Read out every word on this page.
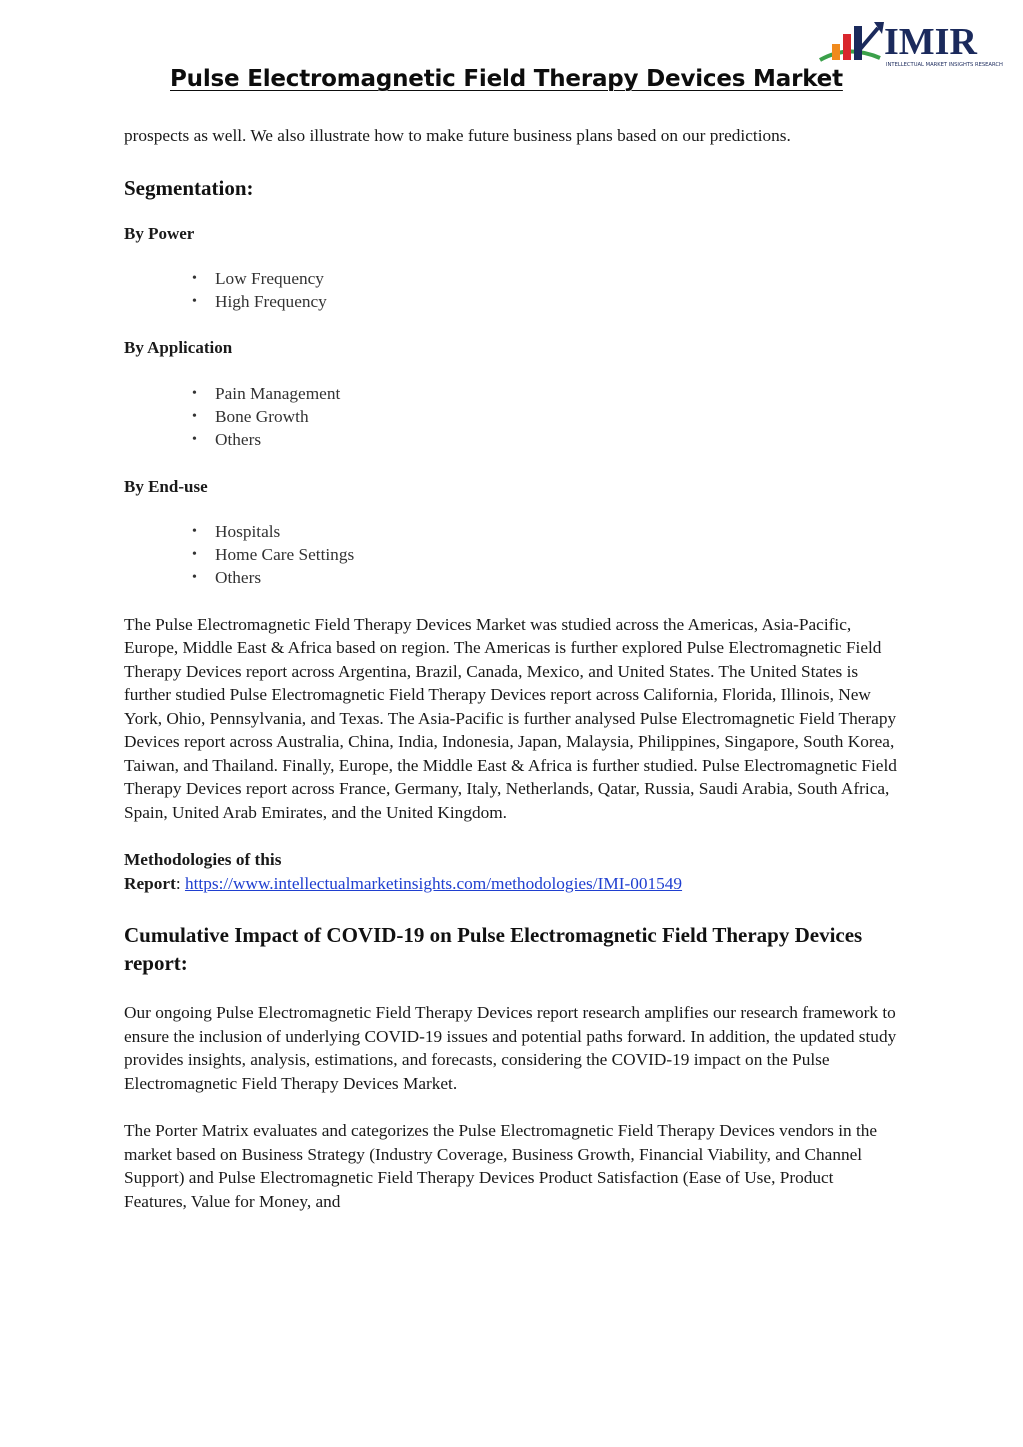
Pulse Electromagnetic Field Therapy Devices Market
IMIR
INTELLECTUAL MARKET INSIGHTS RESEARCH

prospects as well. We also illustrate how to make future business plans based on our predictions.

Segmentation:

By Power

• Low Frequency
• High Frequency

By Application

• Pain Management
• Bone Growth
• Others

By End-use

• Hospitals
• Home Care Settings
• Others

The Pulse Electromagnetic Field Therapy Devices Market was studied across the Americas, Asia-Pacific, Europe, Middle East & Africa based on region. The Americas is further explored Pulse Electromagnetic Field Therapy Devices report across Argentina, Brazil, Canada, Mexico, and United States. The United States is further studied Pulse Electromagnetic Field Therapy Devices report across California, Florida, Illinois, New York, Ohio, Pennsylvania, and Texas. The Asia-Pacific is further analysed Pulse Electromagnetic Field Therapy Devices report across Australia, China, India, Indonesia, Japan, Malaysia, Philippines, Singapore, South Korea, Taiwan, and Thailand. Finally, Europe, the Middle East & Africa is further studied. Pulse Electromagnetic Field Therapy Devices report across France, Germany, Italy, Netherlands, Qatar, Russia, Saudi Arabia, South Africa, Spain, United Arab Emirates, and the United Kingdom.

Methodologies of this
Report: https://www.intellectualmarketinsights.com/methodologies/IMI-001549

Cumulative Impact of COVID-19 on Pulse Electromagnetic Field Therapy Devices report:

Our ongoing Pulse Electromagnetic Field Therapy Devices report research amplifies our research framework to ensure the inclusion of underlying COVID-19 issues and potential paths forward. In addition, the updated study provides insights, analysis, estimations, and forecasts, considering the COVID-19 impact on the Pulse Electromagnetic Field Therapy Devices Market.

The Porter Matrix evaluates and categorizes the Pulse Electromagnetic Field Therapy Devices vendors in the market based on Business Strategy (Industry Coverage, Business Growth, Financial Viability, and Channel Support) and Pulse Electromagnetic Field Therapy Devices Product Satisfaction (Ease of Use, Product Features, Value for Money, and
